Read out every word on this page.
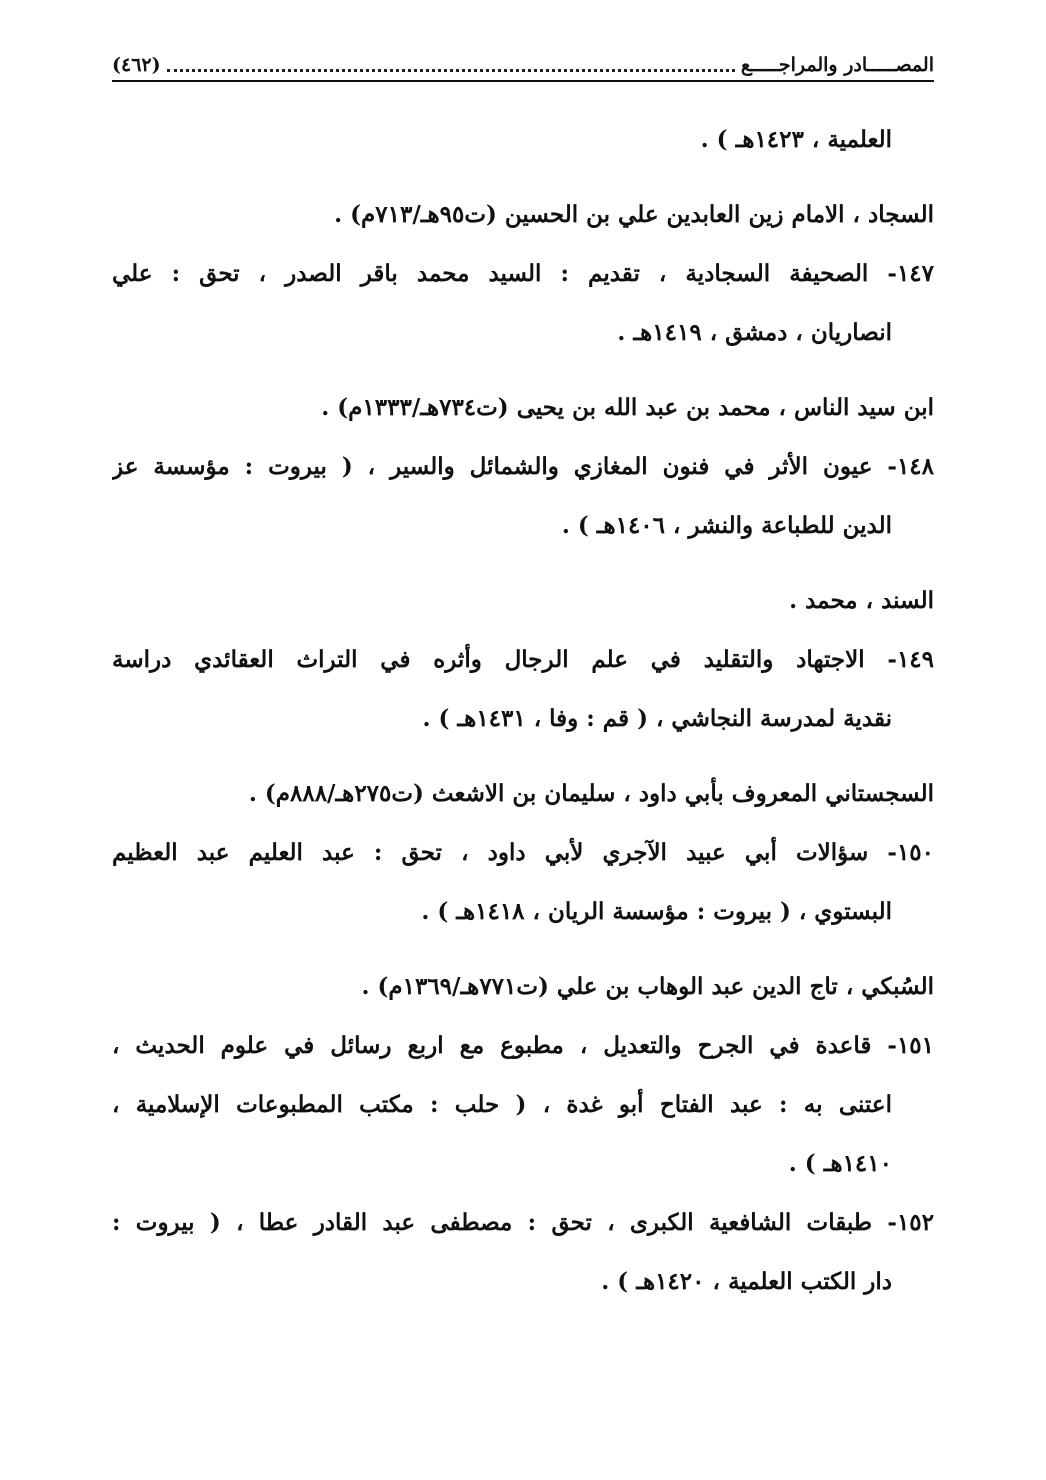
المصـــــادر والمراجـــــع
(٤٦٢)

العلمية ، ١٤٢٣هـ ) .

السجاد ، الامام زين العابدين علي بن الحسين (ت٩٥هـ/٧١٣م) .

١٤٧- الصحيفة السجادية ، تقديم : السيد محمد باقر الصدر ، تحق : علي

انصاريان ، دمشق ، ١٤١٩هـ .

ابن سيد الناس ، محمد بن عبد الله بن يحيى (ت٧٣٤هـ/١٣٣٣م) .

١٤٨- عيون الأثر في فنون المغازي والشمائل والسير ، ( بيروت : مؤسسة عز

الدين للطباعة والنشر ، ١٤٠٦هـ ) .

السند ، محمد .

١٤٩- الاجتهاد والتقليد في علم الرجال وأثره في التراث العقائدي دراسة

نقدية لمدرسة النجاشي ، ( قم : وفا ، ١٤٣١هـ ) .

السجستاني المعروف بأبي داود ، سليمان بن الاشعث (ت٢٧٥هـ/٨٨٨م) .

١٥٠- سؤالات أبي عبيد الآجري لأبي داود ، تحق : عبد العليم عبد العظيم

البستوي ، ( بيروت : مؤسسة الريان ، ١٤١٨هـ ) .

السُبكي ، تاج الدين عبد الوهاب بن علي (ت٧٧١هـ/١٣٦٩م) .

١٥١- قاعدة في الجرح والتعديل ، مطبوع مع اربع رسائل في علوم الحديث ،

اعتنى به : عبد الفتاح أبو غدة ، ( حلب : مكتب المطبوعات الإسلامية ،

١٤١٠هـ ) .

١٥٢- طبقات الشافعية الكبرى ، تحق : مصطفى عبد القادر عطا ، ( بيروت :

دار الكتب العلمية ، ١٤٢٠هـ ) .
